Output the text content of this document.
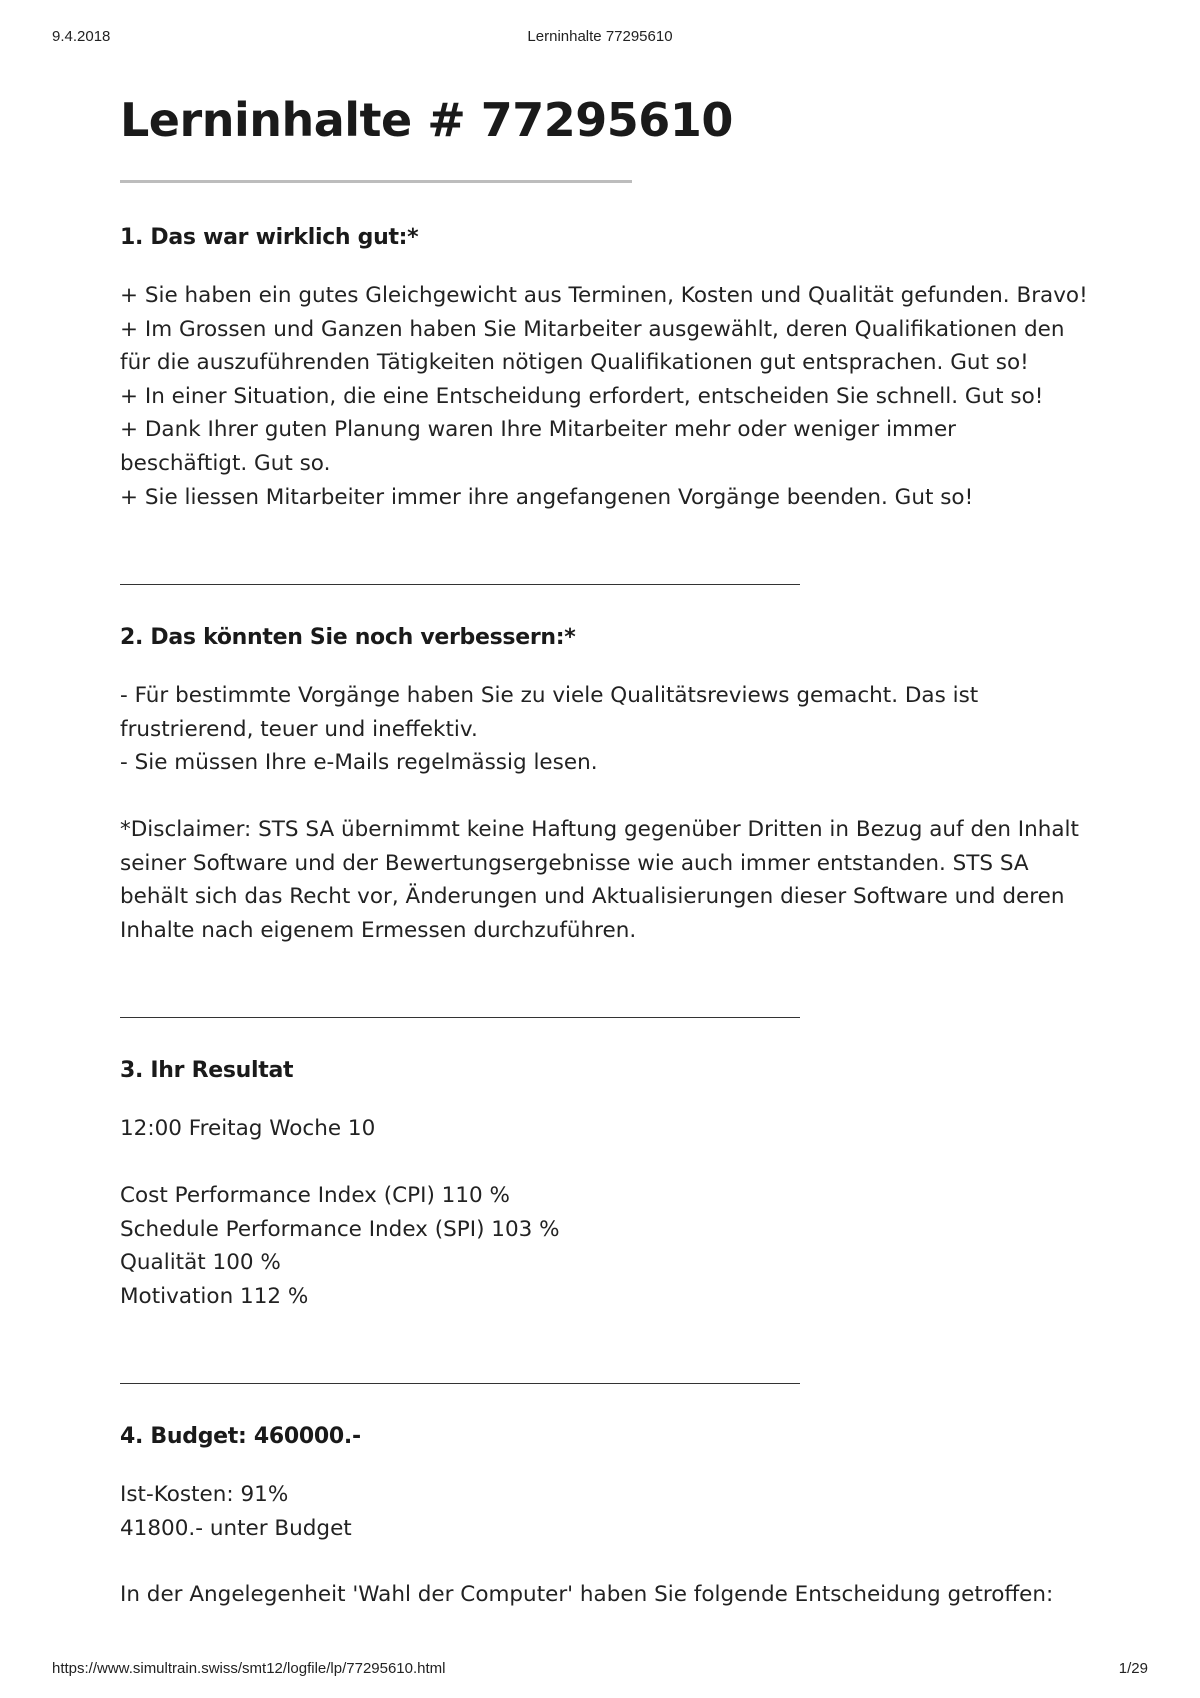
9.4.2018	Lerninhalte 77295610
Lerninhalte # 77295610
1. Das war wirklich gut:*

+ Sie haben ein gutes Gleichgewicht aus Terminen, Kosten und Qualität gefunden. Bravo!
+ Im Grossen und Ganzen haben Sie Mitarbeiter ausgewählt, deren Qualifikationen den
für die auszuführenden Tätigkeiten nötigen Qualifikationen gut entsprachen. Gut so!
+ In einer Situation, die eine Entscheidung erfordert, entscheiden Sie schnell. Gut so!
+ Dank Ihrer guten Planung waren Ihre Mitarbeiter mehr oder weniger immer
beschäftigt. Gut so.
+ Sie liessen Mitarbeiter immer ihre angefangenen Vorgänge beenden. Gut so!

2. Das könnten Sie noch verbessern:*

- Für bestimmte Vorgänge haben Sie zu viele Qualitätsreviews gemacht. Das ist
frustrierend, teuer und ineffektiv.
- Sie müssen Ihre e-Mails regelmässig lesen.

*Disclaimer: STS SA übernimmt keine Haftung gegenüber Dritten in Bezug auf den Inhalt
seiner Software und der Bewertungsergebnisse wie auch immer entstanden. STS SA
behält sich das Recht vor, Änderungen und Aktualisierungen dieser Software und deren
Inhalte nach eigenem Ermessen durchzuführen.

3. Ihr Resultat

12:00 Freitag Woche 10

Cost Performance Index (CPI) 110 %
Schedule Performance Index (SPI) 103 %
Qualität 100 %
Motivation 112 %

4. Budget: 460000.-

Ist-Kosten: 91%
41800.- unter Budget

In der Angelegenheit 'Wahl der Computer' haben Sie folgende Entscheidung getroffen:

https://www.simultrain.swiss/smt12/logfile/lp/77295610.html	1/29
